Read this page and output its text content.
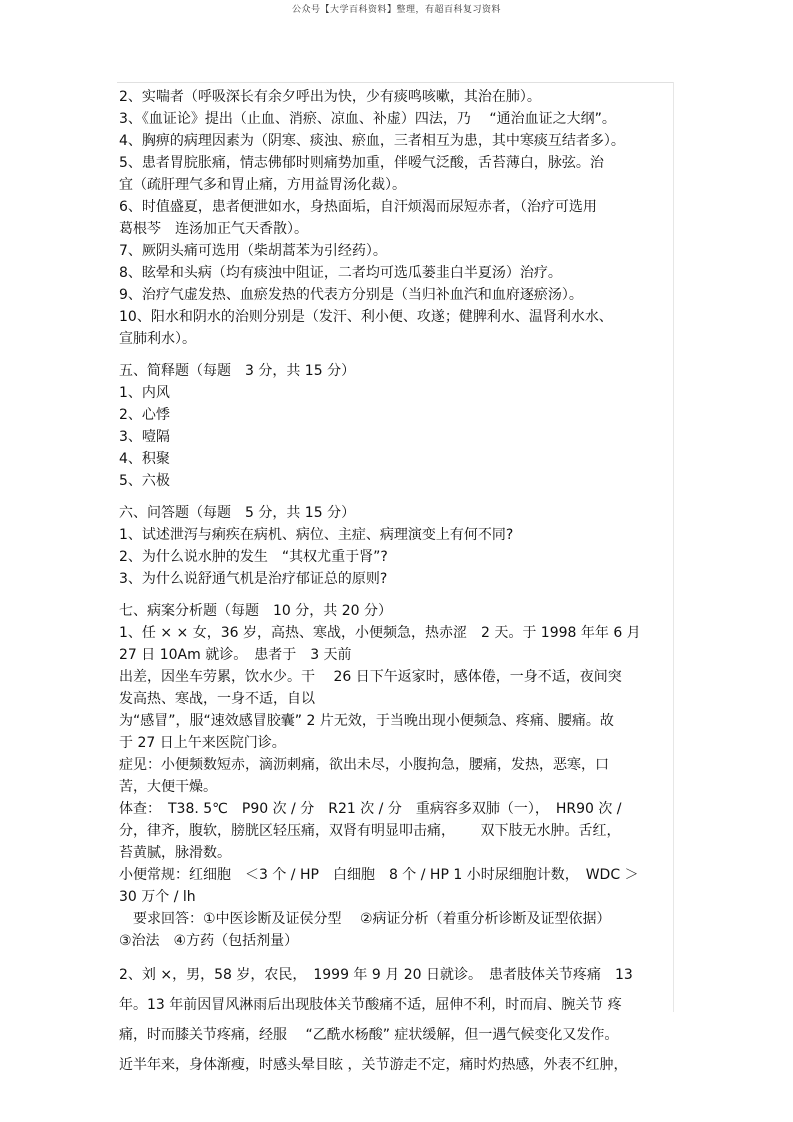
公众号【大学百科资料】整理，有超百科复习资料
2、实喘者（呼吸深长有余夕呼出为快，少有痰鸣咳嗽，其治在肺）。
3、《血证论》提出（止血、消瘀、凉血、补虚）四法，乃　 “通治血证之大纲”。
4、胸痹的病理因素为（阴寒、痰浊、瘀血，三者相互为患，其中寒痰互结者多）。
5、患者胃脘胀痛，情志佛郁时则痛势加重，伴嗳气泛酸，舌苔薄白，脉弦。治
宜（疏肝理气多和胃止痛，方用益胃汤化裁）。
6、时值盛夏，患者便泄如水，身热面垢，自汗烦渴而尿短赤者，（治疗可选用
葛根芩　连汤加正气天香散）。
7、厥阴头痛可选用（柴胡蒿苯为引经药）。
8、眩晕和头病（均有痰浊中阻证，二者均可选瓜蒌韭白半夏汤）治疗。
9、治疗气虚发热、血瘀发热的代表方分别是（当归补血汽和血府逐瘀汤）。
10、阳水和阴水的治则分别是（发汗、利小便、攻遂；健脾利水、温肾利水水、
宣肺利水）。
五、简释题（每题　3 分，共 15 分）
1、内风
2、心悸
3、噎隔
4、积聚
5、六极
六、问答题（每题　5 分，共 15 分）
1、试述泄泻与痢疾在病机、病位、主症、病理演变上有何不同?
2、为什么说水肿的发生　“其权尤重于肾”?
3、为什么说舒通气机是治疗郁证总的原则?
七、病案分析题（每题　10 分，共 20 分）
1、任 × × 女，36 岁，高热、寒战，小便频急，热赤涩　2 天。于 1998 年年 6 月
27 日 10Am 就诊。　患者于　3 天前
出差，因坐车劳累，饮水少。干　 26 日下午返家时，感体倦，一身不适，夜间突
发高热、寒战，一身不适，自以
为“感冒”，服“速效感冒胶囊” 2 片无效，于当晚出现小便频急、疼痛、腰痛。故
于 27 日上午来医院门诊。
症见：小便频数短赤，滴沥刺痛，欲出未尽，小腹拘急，腰痛，发热，恶寒，口
苦，大便干燥。
体查：　T38. 5℃　P90 次 / 分　R21 次 / 分　重病容多双肺（一），　HR90 次 /
分，律齐，腹软，膀胱区轻压痛，双肾有明显叩击痛，　　 双下肢无水肿。舌红，
苔黄腻，脉滑数。
小便常规：红细胞　＜3 个 / HP　白细胞　8 个 / HP 1 小时尿细胞计数，　WDC ＞
30 万个 / lh
　要求回答：①中医诊断及证侯分型　 ②病证分析（着重分析诊断及证型依据）
③治法　④方药（包括剂量）
2、刘 ×，男，58 岁，农民，　1999 年 9 月 20 日就诊。　患者肢体关节疼痛　13
年。13 年前因冒风淋雨后出现肢体关节酸痛不适，屈伸不利，时而肩、腕关节 疼
痛，时而膝关节疼痛，经服　 “乙酰水杨酸” 症状缓解，但一遇气候变化又发作。
近半年来，身体渐瘦，时感头晕目眩 ，关节游走不定，痛时灼热感，外表不红肿，
